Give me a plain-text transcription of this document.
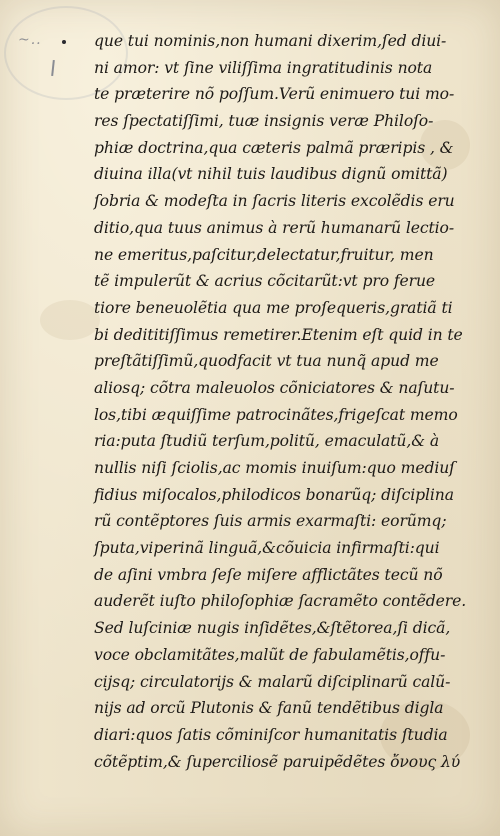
~..	que tui nominis,non humani dixerim,ſed diui-
ni amor: vt ſine viliſſima ingratitudinis nota
te præterire nõ poſſum.Verũ enimuero tui mo-
res ſpectatiſſimi, tuæ insignis veræ Philoſo-
phiæ doctrina,qua cæteris palmã præripis , &
diuina illa(vt nihil tuis laudibus dignũ omittã)
ſobria & modeſta in ſacris literis excolẽdis eru
ditio,qua tuus animus à rerũ humanarũ lectio-
ne emeritus,paſcitur,delectatur,fruitur, men
tẽ impulerũt & acrius cõcitarũt:vt pro ferue
tiore beneuolẽtia qua me proſequeris,gratiã ti
bi dedititiſſimus remetirer.Etenim eſt quid in te
preſtãtiſſimũ,quodfacit vt tua nunq̃ apud me
aliosq; cõtra maleuolos cõniciatores & naſutu-
los,tibi æquiſſime patrocinãtes,frigeſcat memo
ria:puta ſtudiũ terſum,politũ, emaculatũ,& à
nullis niſi ſciolis,ac momis inuiſum:quo mediuſ
fidius miſocalos,philodicos bonarũq; diſciplina
rũ contẽptores ſuis armis exarmaſti: eorũmq;
ſputa,viperinã linguã,&cõuicia infirmaſti:qui
de aſini vmbra ſeſe miſere afflictãtes tecũ nõ
auderẽt iuſto philoſophiæ ſacramẽto contẽdere.
Sed luſciniæ nugis inſidẽtes,&ſtẽtorea,ſi dicã,
voce obclamitãtes,malũt de fabulamẽtis,offu-
cijsq; circulatorijs & malarũ diſciplinarũ calũ-
nijs ad orcũ Plutonis & fanũ tendẽtibus digla
diari:quos ſatis cõminiſcor humanitatis ſtudia
cõtẽptim,& ſuperciliosẽ paruipẽdẽtes ὄνους λύ
